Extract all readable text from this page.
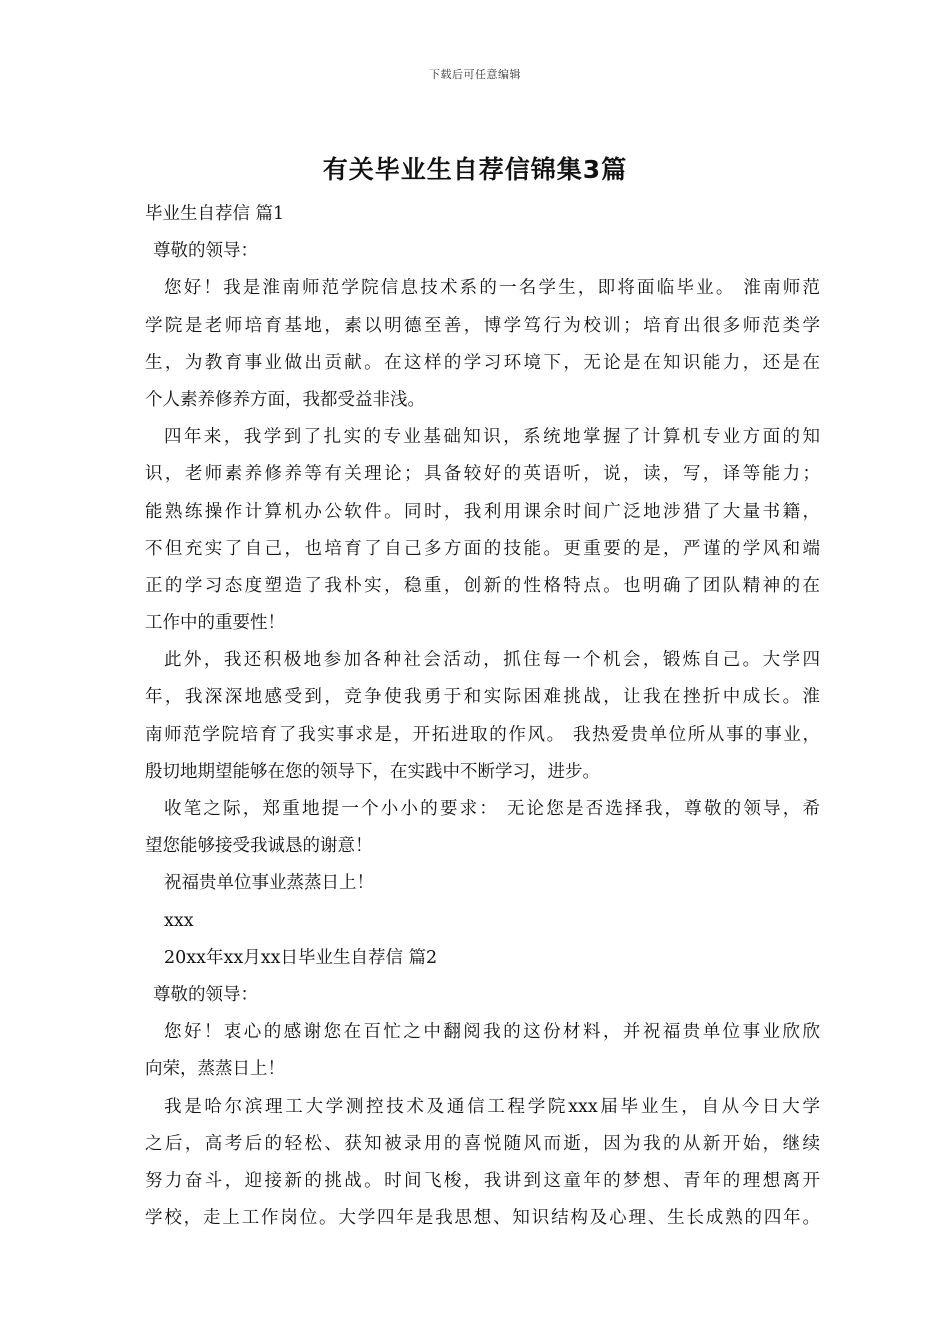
下载后可任意编辑
有关毕业生自荐信锦集3篇
毕业生自荐信 篇1
尊敬的领导：
您好！我是淮南师范学院信息技术系的一名学生，即将面临毕业。 淮南师范
学院是老师培育基地，素以明德至善，博学笃行为校训；培育出很多师范类学
生，为教育事业做出贡献。在这样的学习环境下，无论是在知识能力，还是在
个人素养修养方面，我都受益非浅。
四年来，我学到了扎实的专业基础知识，系统地掌握了计算机专业方面的知
识，老师素养修养等有关理论；具备较好的英语听，说，读，写，译等能力；
能熟练操作计算机办公软件。同时，我利用课余时间广泛地涉猎了大量书籍，
不但充实了自己，也培育了自己多方面的技能。更重要的是，严谨的学风和端
正的学习态度塑造了我朴实，稳重，创新的性格特点。也明确了团队精神的在
工作中的重要性！
此外，我还积极地参加各种社会活动，抓住每一个机会，锻炼自己。大学四
年，我深深地感受到，竞争使我勇于和实际困难挑战，让我在挫折中成长。淮
南师范学院培育了我实事求是，开拓进取的作风。 我热爱贵单位所从事的事业，
殷切地期望能够在您的领导下，在实践中不断学习，进步。
收笔之际，郑重地提一个小小的要求： 无论您是否选择我，尊敬的领导，希
望您能够接受我诚恳的谢意！
祝福贵单位事业蒸蒸日上！
xxx
20xx年xx月xx日毕业生自荐信 篇2
尊敬的领导：
您好！衷心的感谢您在百忙之中翻阅我的这份材料，并祝福贵单位事业欣欣
向荣，蒸蒸日上！
我是哈尔滨理工大学测控技术及通信工程学院xxx届毕业生，自从今日大学
之后，高考后的轻松、获知被录用的喜悦随风而逝，因为我的从新开始，继续
努力奋斗，迎接新的挑战。时间飞梭，我讲到这童年的梦想、青年的理想离开
学校，走上工作岗位。大学四年是我思想、知识结构及心理、生长成熟的四年。
